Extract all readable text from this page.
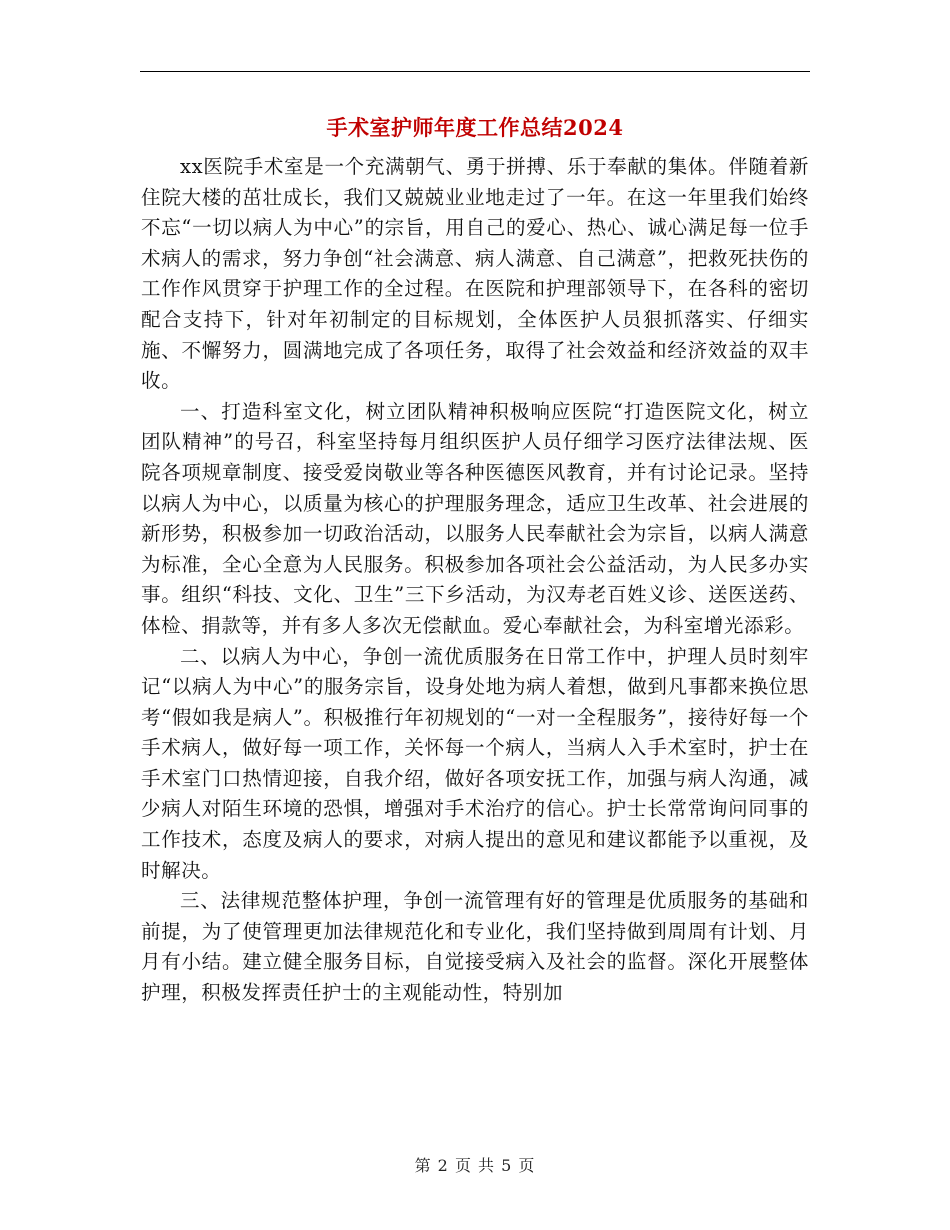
手术室护师年度工作总结2024

xx医院手术室是一个充满朝气、勇于拼搏、乐于奉献的集体。伴随着新住院大楼的茁壮成长，我们又兢兢业业地走过了一年。在这一年里我们始终不忘“一切以病人为中心”的宗旨，用自己的爱心、热心、诚心满足每一位手术病人的需求，努力争创“社会满意、病人满意、自己满意”，把救死扶伤的工作作风贯穿于护理工作的全过程。在医院和护理部领导下，在各科的密切配合支持下，针对年初制定的目标规划，全体医护人员狠抓落实、仔细实施、不懈努力，圆满地完成了各项任务，取得了社会效益和经济效益的双丰收。

一、打造科室文化，树立团队精神积极响应医院“打造医院文化，树立团队精神”的号召，科室坚持每月组织医护人员仔细学习医疗法律法规、医院各项规章制度、接受爱岗敬业等各种医德医风教育，并有讨论记录。坚持以病人为中心，以质量为核心的护理服务理念，适应卫生改革、社会进展的新形势，积极参加一切政治活动，以服务人民奉献社会为宗旨，以病人满意为标准，全心全意为人民服务。积极参加各项社会公益活动，为人民多办实事。组织“科技、文化、卫生”三下乡活动，为汉寿老百姓义诊、送医送药、体检、捐款等，并有多人多次无偿献血。爱心奉献社会，为科室增光添彩。

二、以病人为中心，争创一流优质服务在日常工作中，护理人员时刻牢记“以病人为中心”的服务宗旨，设身处地为病人着想，做到凡事都来换位思考“假如我是病人”。积极推行年初规划的“一对一全程服务”，接待好每一个手术病人，做好每一项工作，关怀每一个病人，当病人入手术室时，护士在手术室门口热情迎接，自我介绍，做好各项安抚工作，加强与病人沟通，减少病人对陌生环境的恐惧，增强对手术治疗的信心。护士长常常询问同事的工作技术，态度及病人的要求，对病人提出的意见和建议都能予以重视，及时解决。

三、法律规范整体护理，争创一流管理有好的管理是优质服务的基础和前提，为了使管理更加法律规范化和专业化，我们坚持做到周周有计划、月月有小结。建立健全服务目标，自觉接受病入及社会的监督。深化开展整体护理，积极发挥责任护士的主观能动性，特别加

第 2 页 共 5 页
